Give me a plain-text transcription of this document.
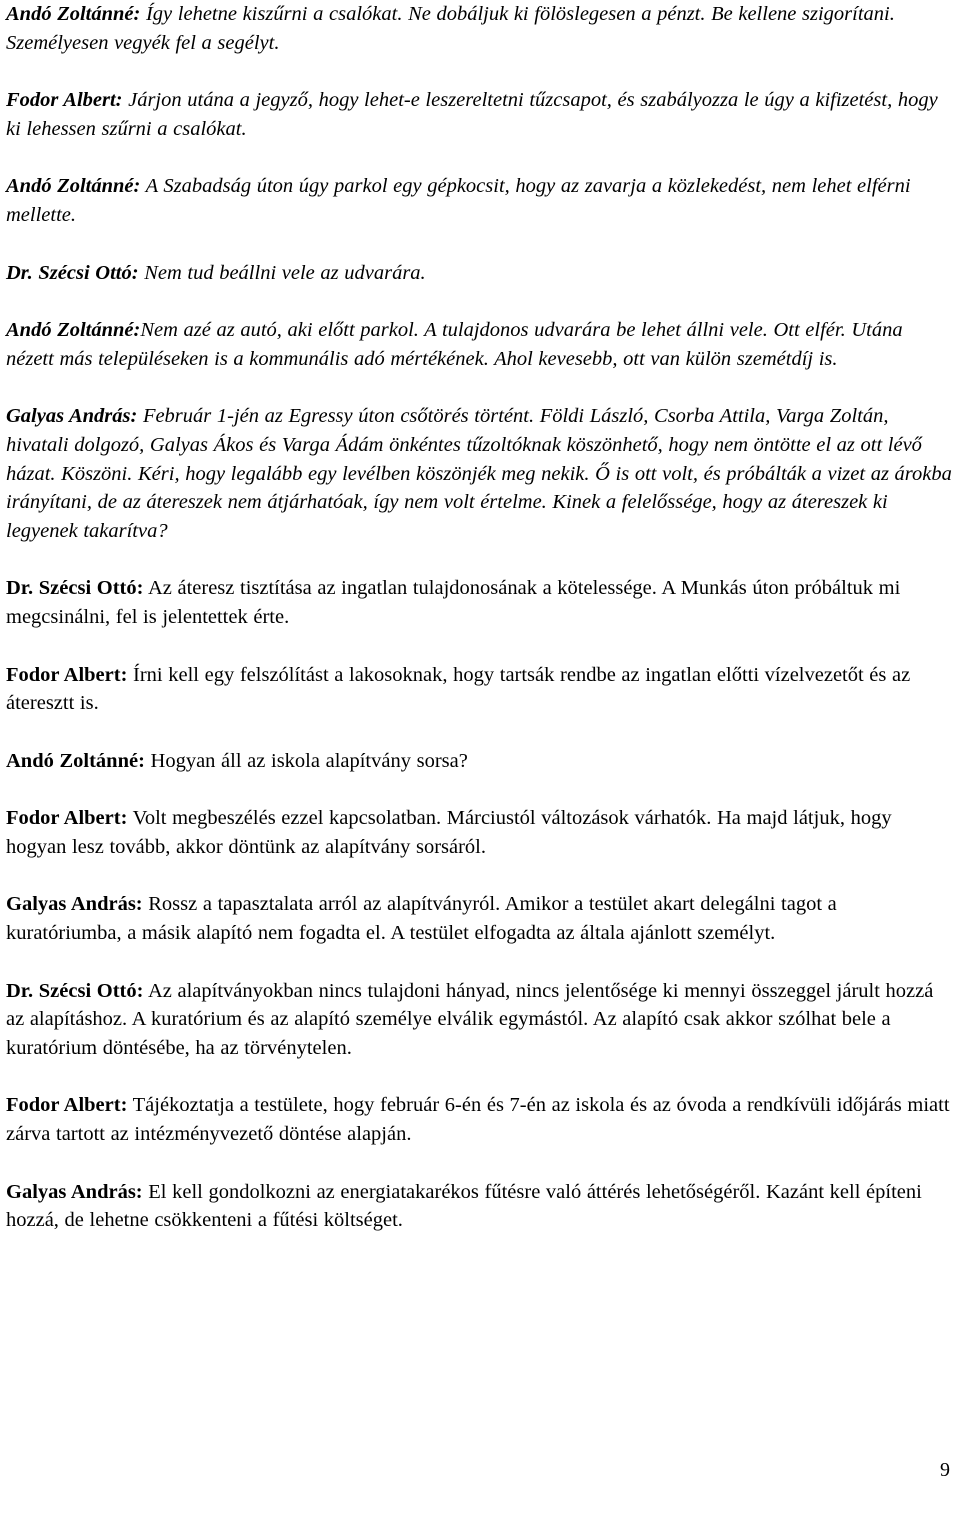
Andó Zoltánné: Így lehetne kiszűrni a csalókat. Ne dobáljuk ki fölöslegesen a pénzt. Be kellene szigorítani. Személyesen vegyék fel a segélyt.

Fodor Albert: Járjon utána a jegyző, hogy lehet-e leszereltetni tűzcsapot, és szabályozza le úgy a kifizetést, hogy ki lehessen szűrni a csalókat.

Andó Zoltánné: A Szabadság úton úgy parkol egy gépkocsit, hogy az zavarja a közlekedést, nem lehet elférni mellette.

Dr. Szécsi Ottó: Nem tud beállni vele az udvarára.

Andó Zoltánné:Nem azé az autó, aki előtt parkol. A tulajdonos udvarára be lehet állni vele. Ott elfér. Utána nézett más településeken is a kommunális adó mértékének. Ahol kevesebb, ott van külön szemétdíj is.

Galyas András: Február 1-jén az Egressy úton csőtörés történt. Földi László, Csorba Attila, Varga Zoltán, hivatali dolgozó, Galyas Ákos és Varga Ádám önkéntes tűzoltóknak köszönhető, hogy nem öntötte el az ott lévő házat. Köszöni. Kéri, hogy legalább egy levélben köszönjék meg nekik. Ő is ott volt, és próbálták a vizet az árokba irányítani, de az átereszek nem átjárhatóak, így nem volt értelme. Kinek a felelőssége, hogy az átereszek ki legyenek takarítva?

Dr. Szécsi Ottó: Az áteresz tisztítása az ingatlan tulajdonosának a kötelessége. A Munkás úton próbáltuk mi megcsinálni, fel is jelentettek érte.

Fodor Albert: Írni kell egy felszólítást a lakosoknak, hogy tartsák rendbe az ingatlan előtti vízelvezetőt és az áteresztt is.

Andó Zoltánné: Hogyan áll az iskola alapítvány sorsa?

Fodor Albert: Volt megbeszélés ezzel kapcsolatban. Márciustól változások várhatók. Ha majd látjuk, hogy hogyan lesz tovább, akkor döntünk az alapítvány sorsáról.

Galyas András: Rossz a tapasztalata arról az alapítványról. Amikor a testület akart delegálni tagot a kuratóriumba, a másik alapító nem fogadta el. A testület elfogadta az általa ajánlott személyt.

Dr. Szécsi Ottó: Az alapítványokban nincs tulajdoni hányad, nincs jelentősége ki mennyi összeggel járult hozzá az alapításhoz. A kuratórium és az alapító személye elválik egymástól. Az alapító csak akkor szólhat bele a kuratórium döntésébe, ha az törvénytelen.

Fodor Albert: Tájékoztatja a testülete, hogy február 6-én és 7-én az iskola és az óvoda a rendkívüli időjárás miatt zárva tartott az intézményvezető döntése alapján.

Galyas András: El kell gondolkozni az energiatakarékos fűtésre való áttérés lehetőségéről. Kazánt kell építeni hozzá, de lehetne csökkenteni a fűtési költséget.

9
